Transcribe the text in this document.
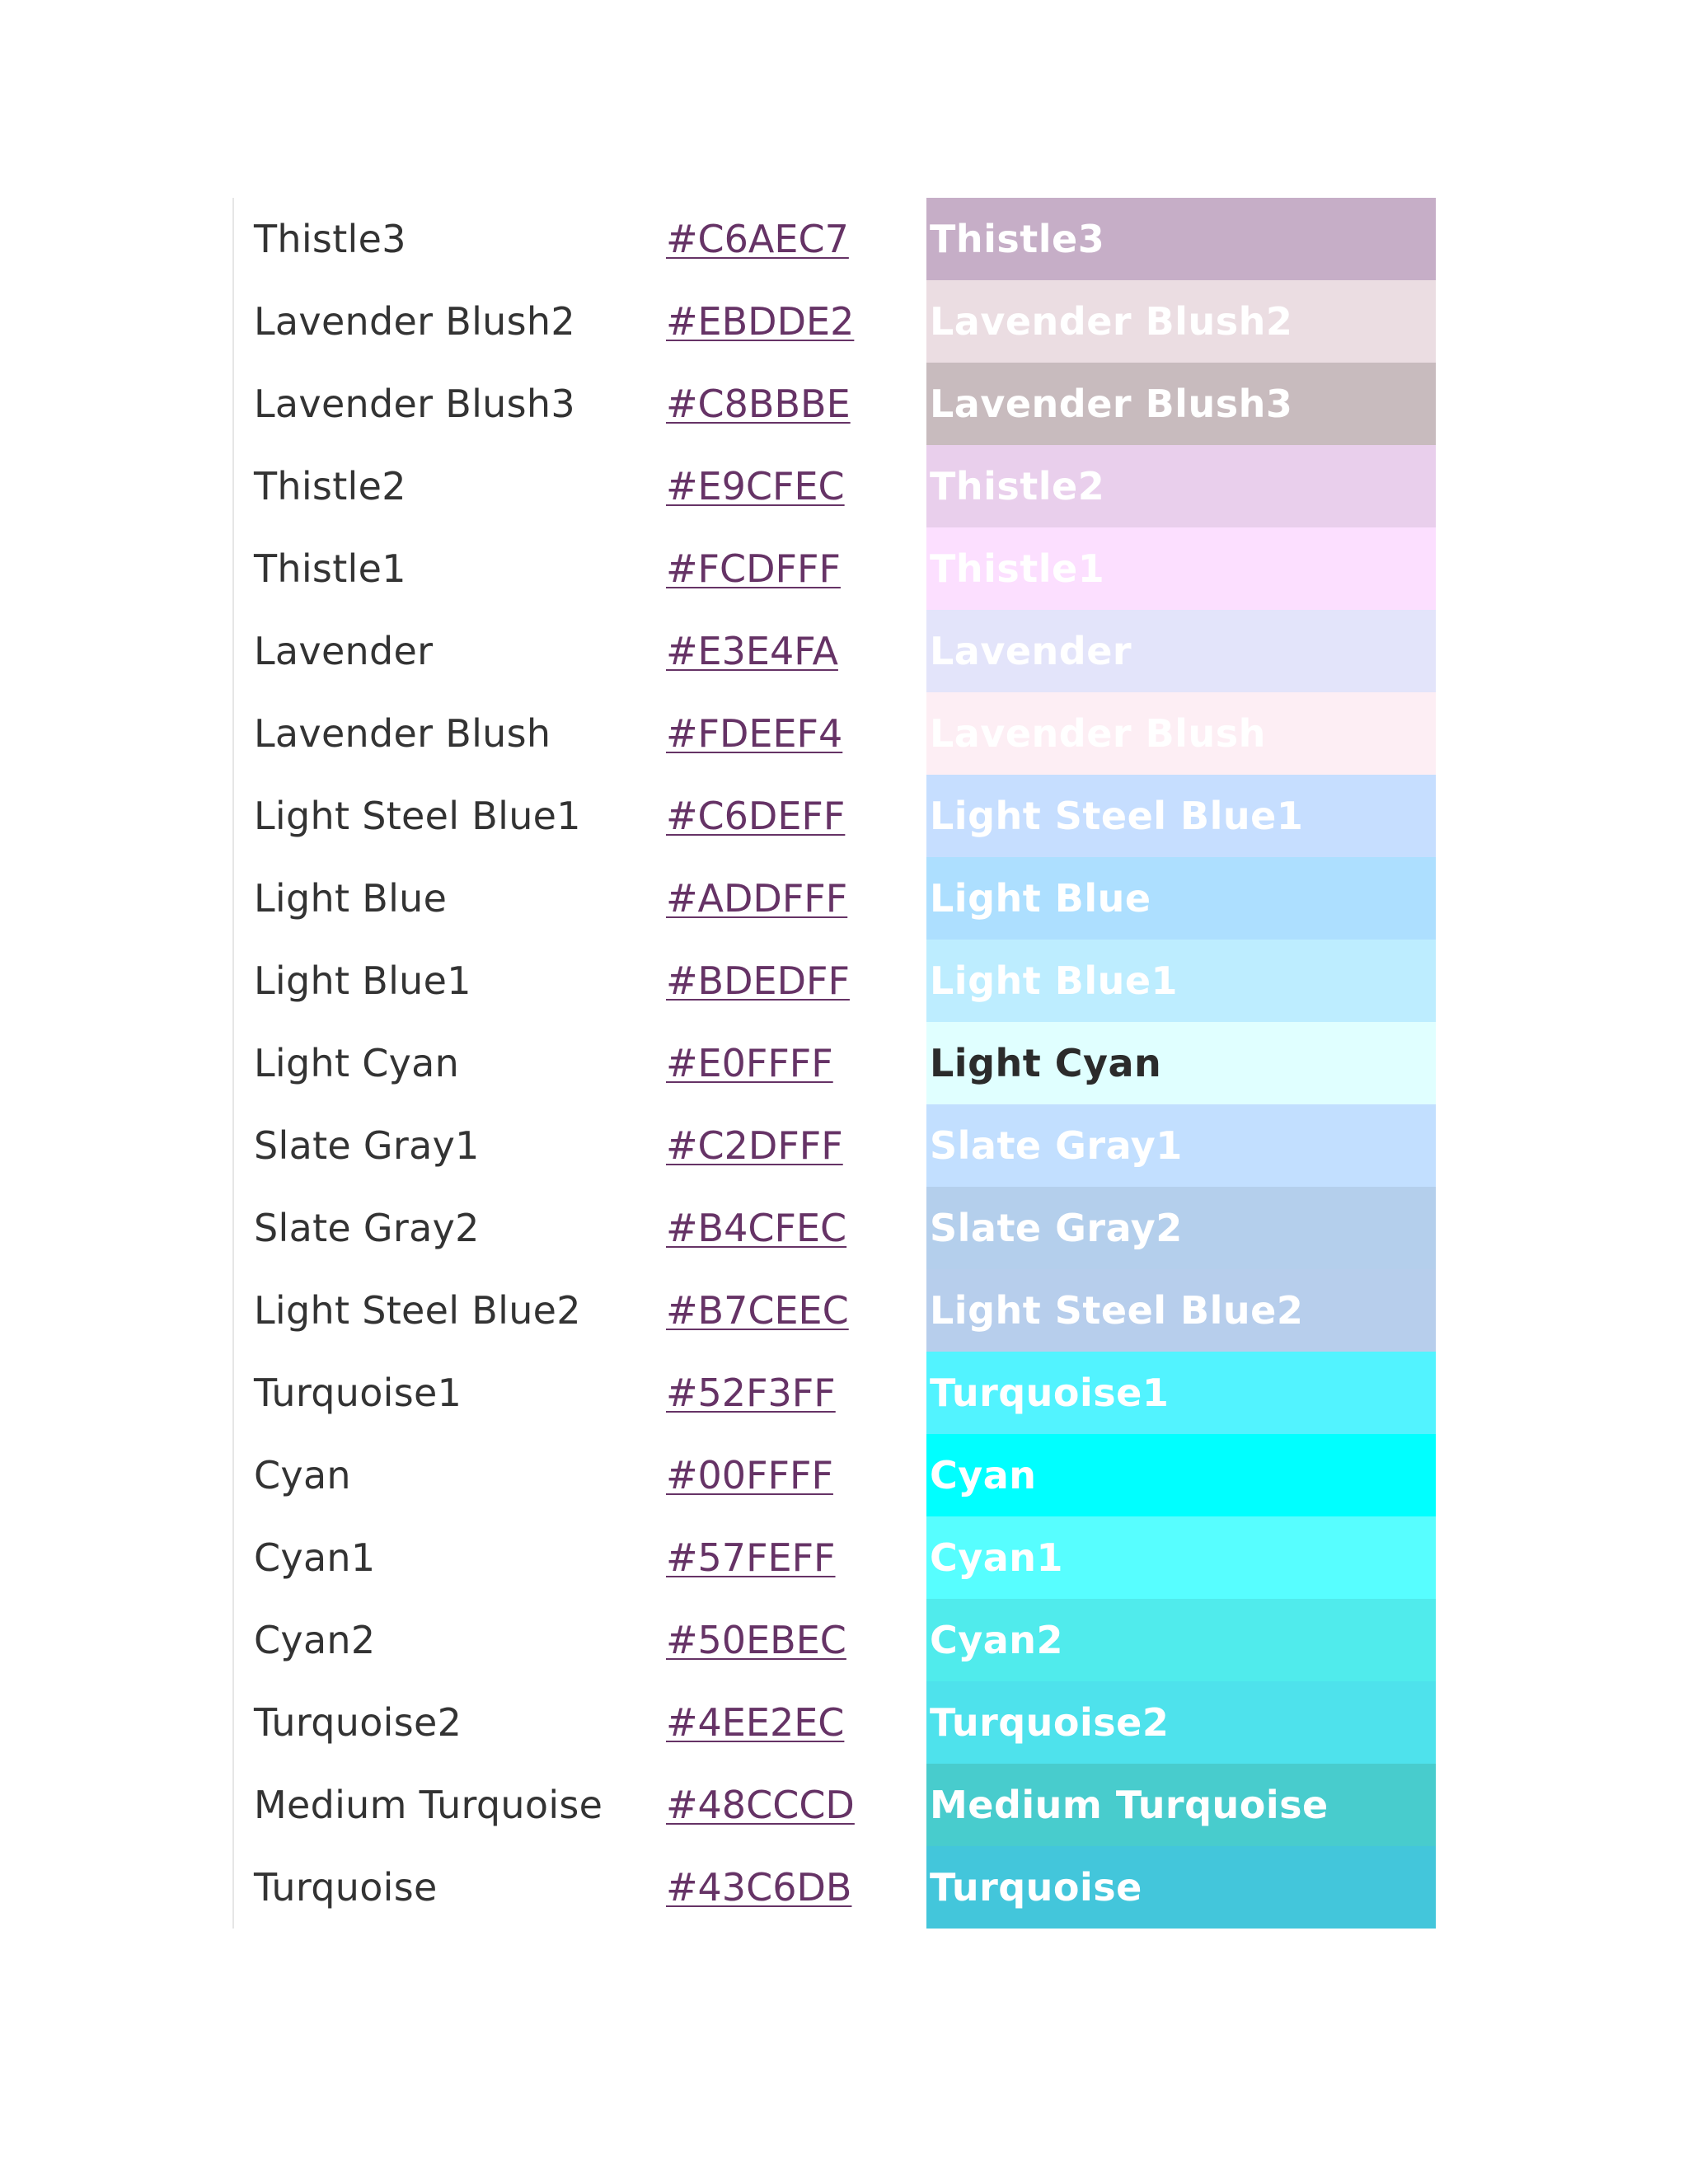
Thistle3	#C6AEC7 Thistle3
Lavender Blush2	#EBDDE2 Lavender Blush2
Lavender Blush3	#C8BBBE Lavender Blush3
Thistle2	#E9CFEC Thistle2
Thistle1	#FCDFFF Thistle1
Lavender	#E3E4FA Lavender
Lavender Blush	#FDEEF4 Lavender Blush
Light Steel Blue1	#C6DEFF Light Steel Blue1
Light Blue	#ADDFFF Light Blue
Light Blue1	#BDEDFF Light Blue1
Light Cyan	#E0FFFF	Light Cyan
Slate Gray1	#C2DFFF Slate Gray1
Slate Gray2	#B4CFEC Slate Gray2
Light Steel Blue2	#B7CEEC Light Steel Blue2
Turquoise1	#52F3FF Turquoise1
Cyan	#00FFFF	Cyan
Cyan1	#57FEFF Cyan1
Cyan2	#50EBEC Cyan2
Turquoise2	#4EE2EC Turquoise2
Medium Turquoise	#48CCCD Medium Turquoise
Turquoise	#43C6DB Turquoise
